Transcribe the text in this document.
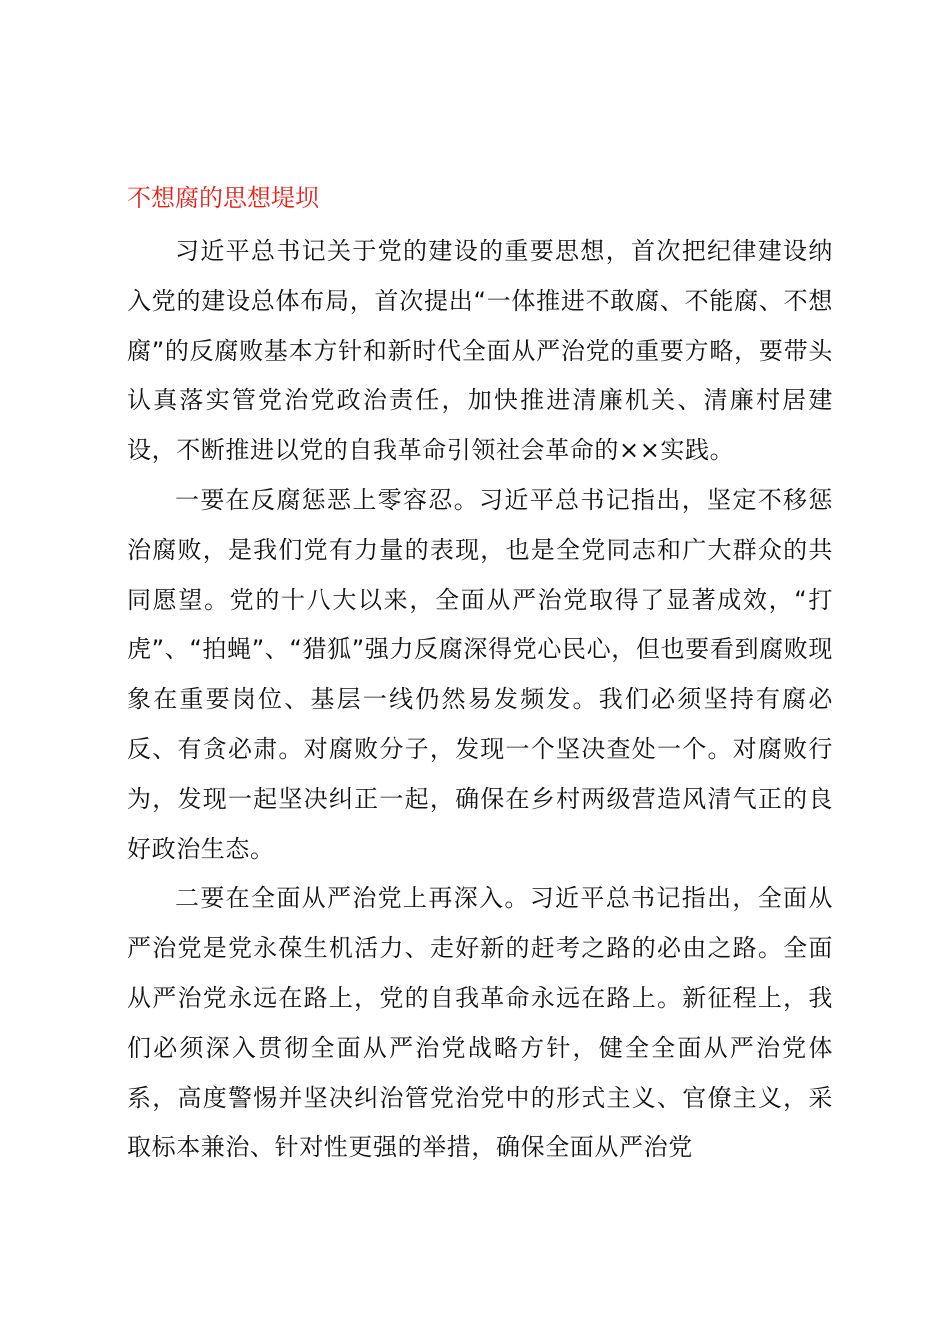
不想腐的思想堤坝

习近平总书记关于党的建设的重要思想，首次把纪律建设纳入党的建设总体布局，首次提出“一体推进不敢腐、不能腐、不想腐”的反腐败基本方针和新时代全面从严治党的重要方略，要带头认真落实管党治党政治责任，加快推进清廉机关、清廉村居建设，不断推进以党的自我革命引领社会革命的××实践。

一要在反腐惩恶上零容忍。习近平总书记指出，坚定不移惩治腐败，是我们党有力量的表现，也是全党同志和广大群众的共同愿望。党的十八大以来，全面从严治党取得了显著成效，“打虎”、“拍蝇”、“猎狐”强力反腐深得党心民心，但也要看到腐败现象在重要岗位、基层一线仍然易发频发。我们必须坚持有腐必反、有贪必肃。对腐败分子，发现一个坚决查处一个。对腐败行为，发现一起坚决纠正一起，确保在乡村两级营造风清气正的良好政治生态。

二要在全面从严治党上再深入。习近平总书记指出，全面从严治党是党永葆生机活力、走好新的赶考之路的必由之路。全面从严治党永远在路上，党的自我革命永远在路上。新征程上，我们必须深入贯彻全面从严治党战略方针，健全全面从严治党体系，高度警惕并坚决纠治管党治党中的形式主义、官僚主义，采取标本兼治、针对性更强的举措，确保全面从严治党
